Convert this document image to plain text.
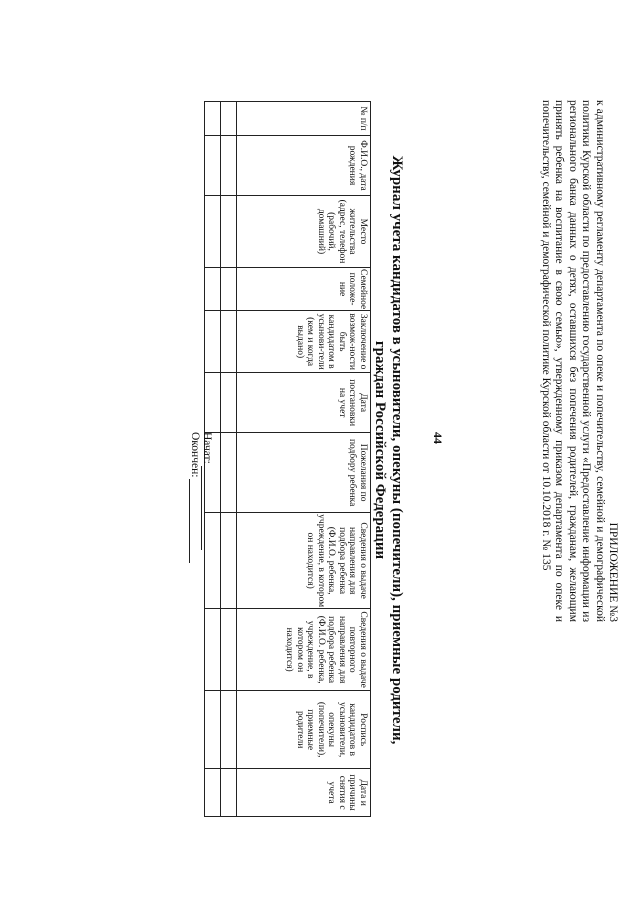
44
ПРИЛОЖЕНИЕ №3
к административному регламенту департамента по опеке и попечительству, семейной и демографической политики Курской области по предоставлению государственной услуги «Предоставление информации из регионального банка данных о детях, оставшихся без попечения родителей, гражданам, желающим принять ребенка на воспитание в свою семью», утвержденному приказом департамента по опеке и попечительству, семейной и демографической политике Курской области от 10.10.2018 г. № 135
Журнал учета кандидатов в усыновители, опекуны (попечители), приемные родители,
граждан Российской Федерации
№ п/п	Ф.И.О., дата рождения	Место жительства (адрес, телефон (рабочий, домашний)	Семейное положе-ние	Заключение о возмож-ности быть кандидатом в усынови-тели (кем и когда выдано)	Дата постановки на учет	Пожелания по подбору ребенка	Сведения о выдаче направления для подбора ребенка (Ф.И.О. ребенка, учреждение, в котором он находится)	Сведения о выдаче повторного направления для подбора ребенка (Ф.И.О. ребенка, учреждение, в котором он находится)	Роспись кандидатов в усыновители, опекуны (попечители), приемные родители	Дата и причины снятия с учета

Начат:
Окончен:
